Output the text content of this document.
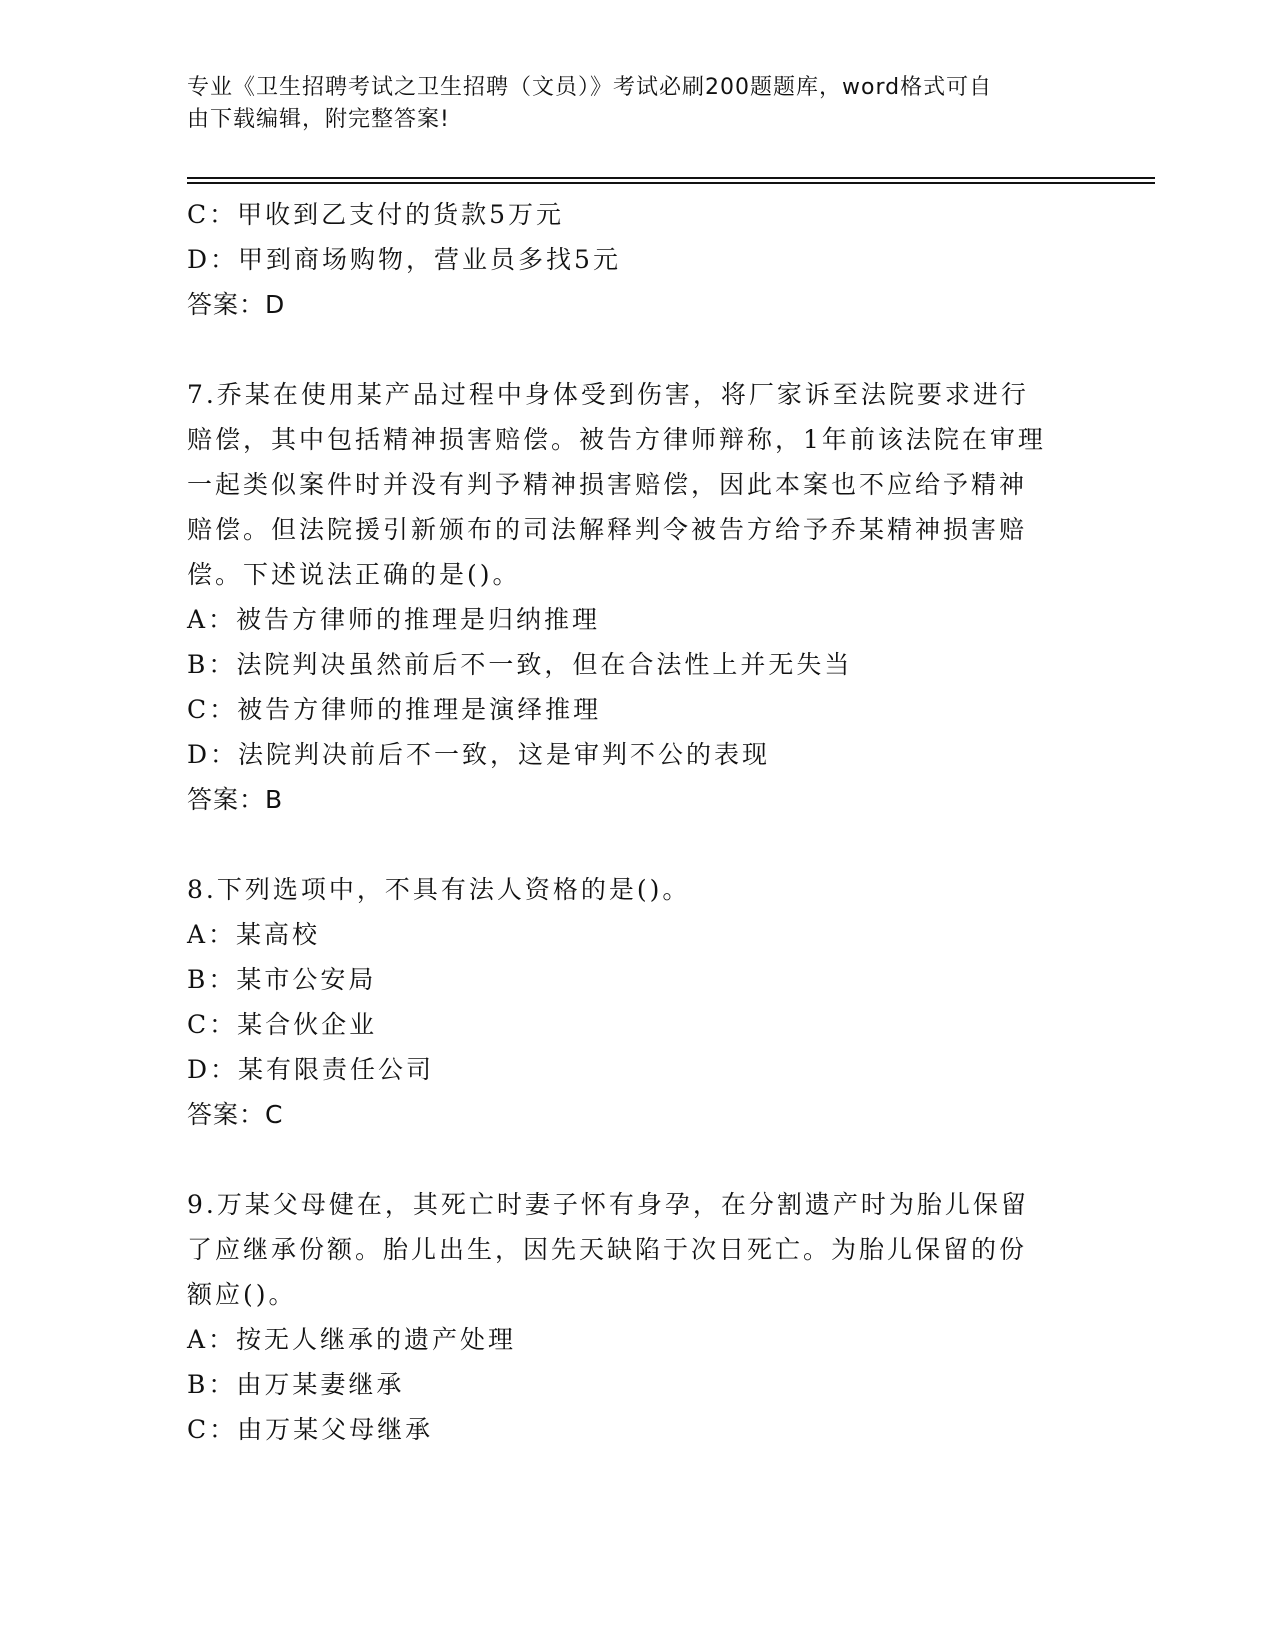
专业《卫生招聘考试之卫生招聘（文员）》考试必刷200题题库，word格式可自
由下载编辑，附完整答案!
C：甲收到乙支付的货款5万元
D：甲到商场购物，营业员多找5元
答案：D
7.乔某在使用某产品过程中身体受到伤害，将厂家诉至法院要求进行
赔偿，其中包括精神损害赔偿。被告方律师辩称，1年前该法院在审理
一起类似案件时并没有判予精神损害赔偿，因此本案也不应给予精神
赔偿。但法院援引新颁布的司法解释判令被告方给予乔某精神损害赔
偿。下述说法正确的是()。
A：被告方律师的推理是归纳推理
B：法院判决虽然前后不一致，但在合法性上并无失当
C：被告方律师的推理是演绎推理
D：法院判决前后不一致，这是审判不公的表现
答案：B
8.下列选项中，不具有法人资格的是()。
A：某高校
B：某市公安局
C：某合伙企业
D：某有限责任公司
答案：C
9.万某父母健在，其死亡时妻子怀有身孕，在分割遗产时为胎儿保留
了应继承份额。胎儿出生，因先天缺陷于次日死亡。为胎儿保留的份
额应()。
A：按无人继承的遗产处理
B：由万某妻继承
C：由万某父母继承
